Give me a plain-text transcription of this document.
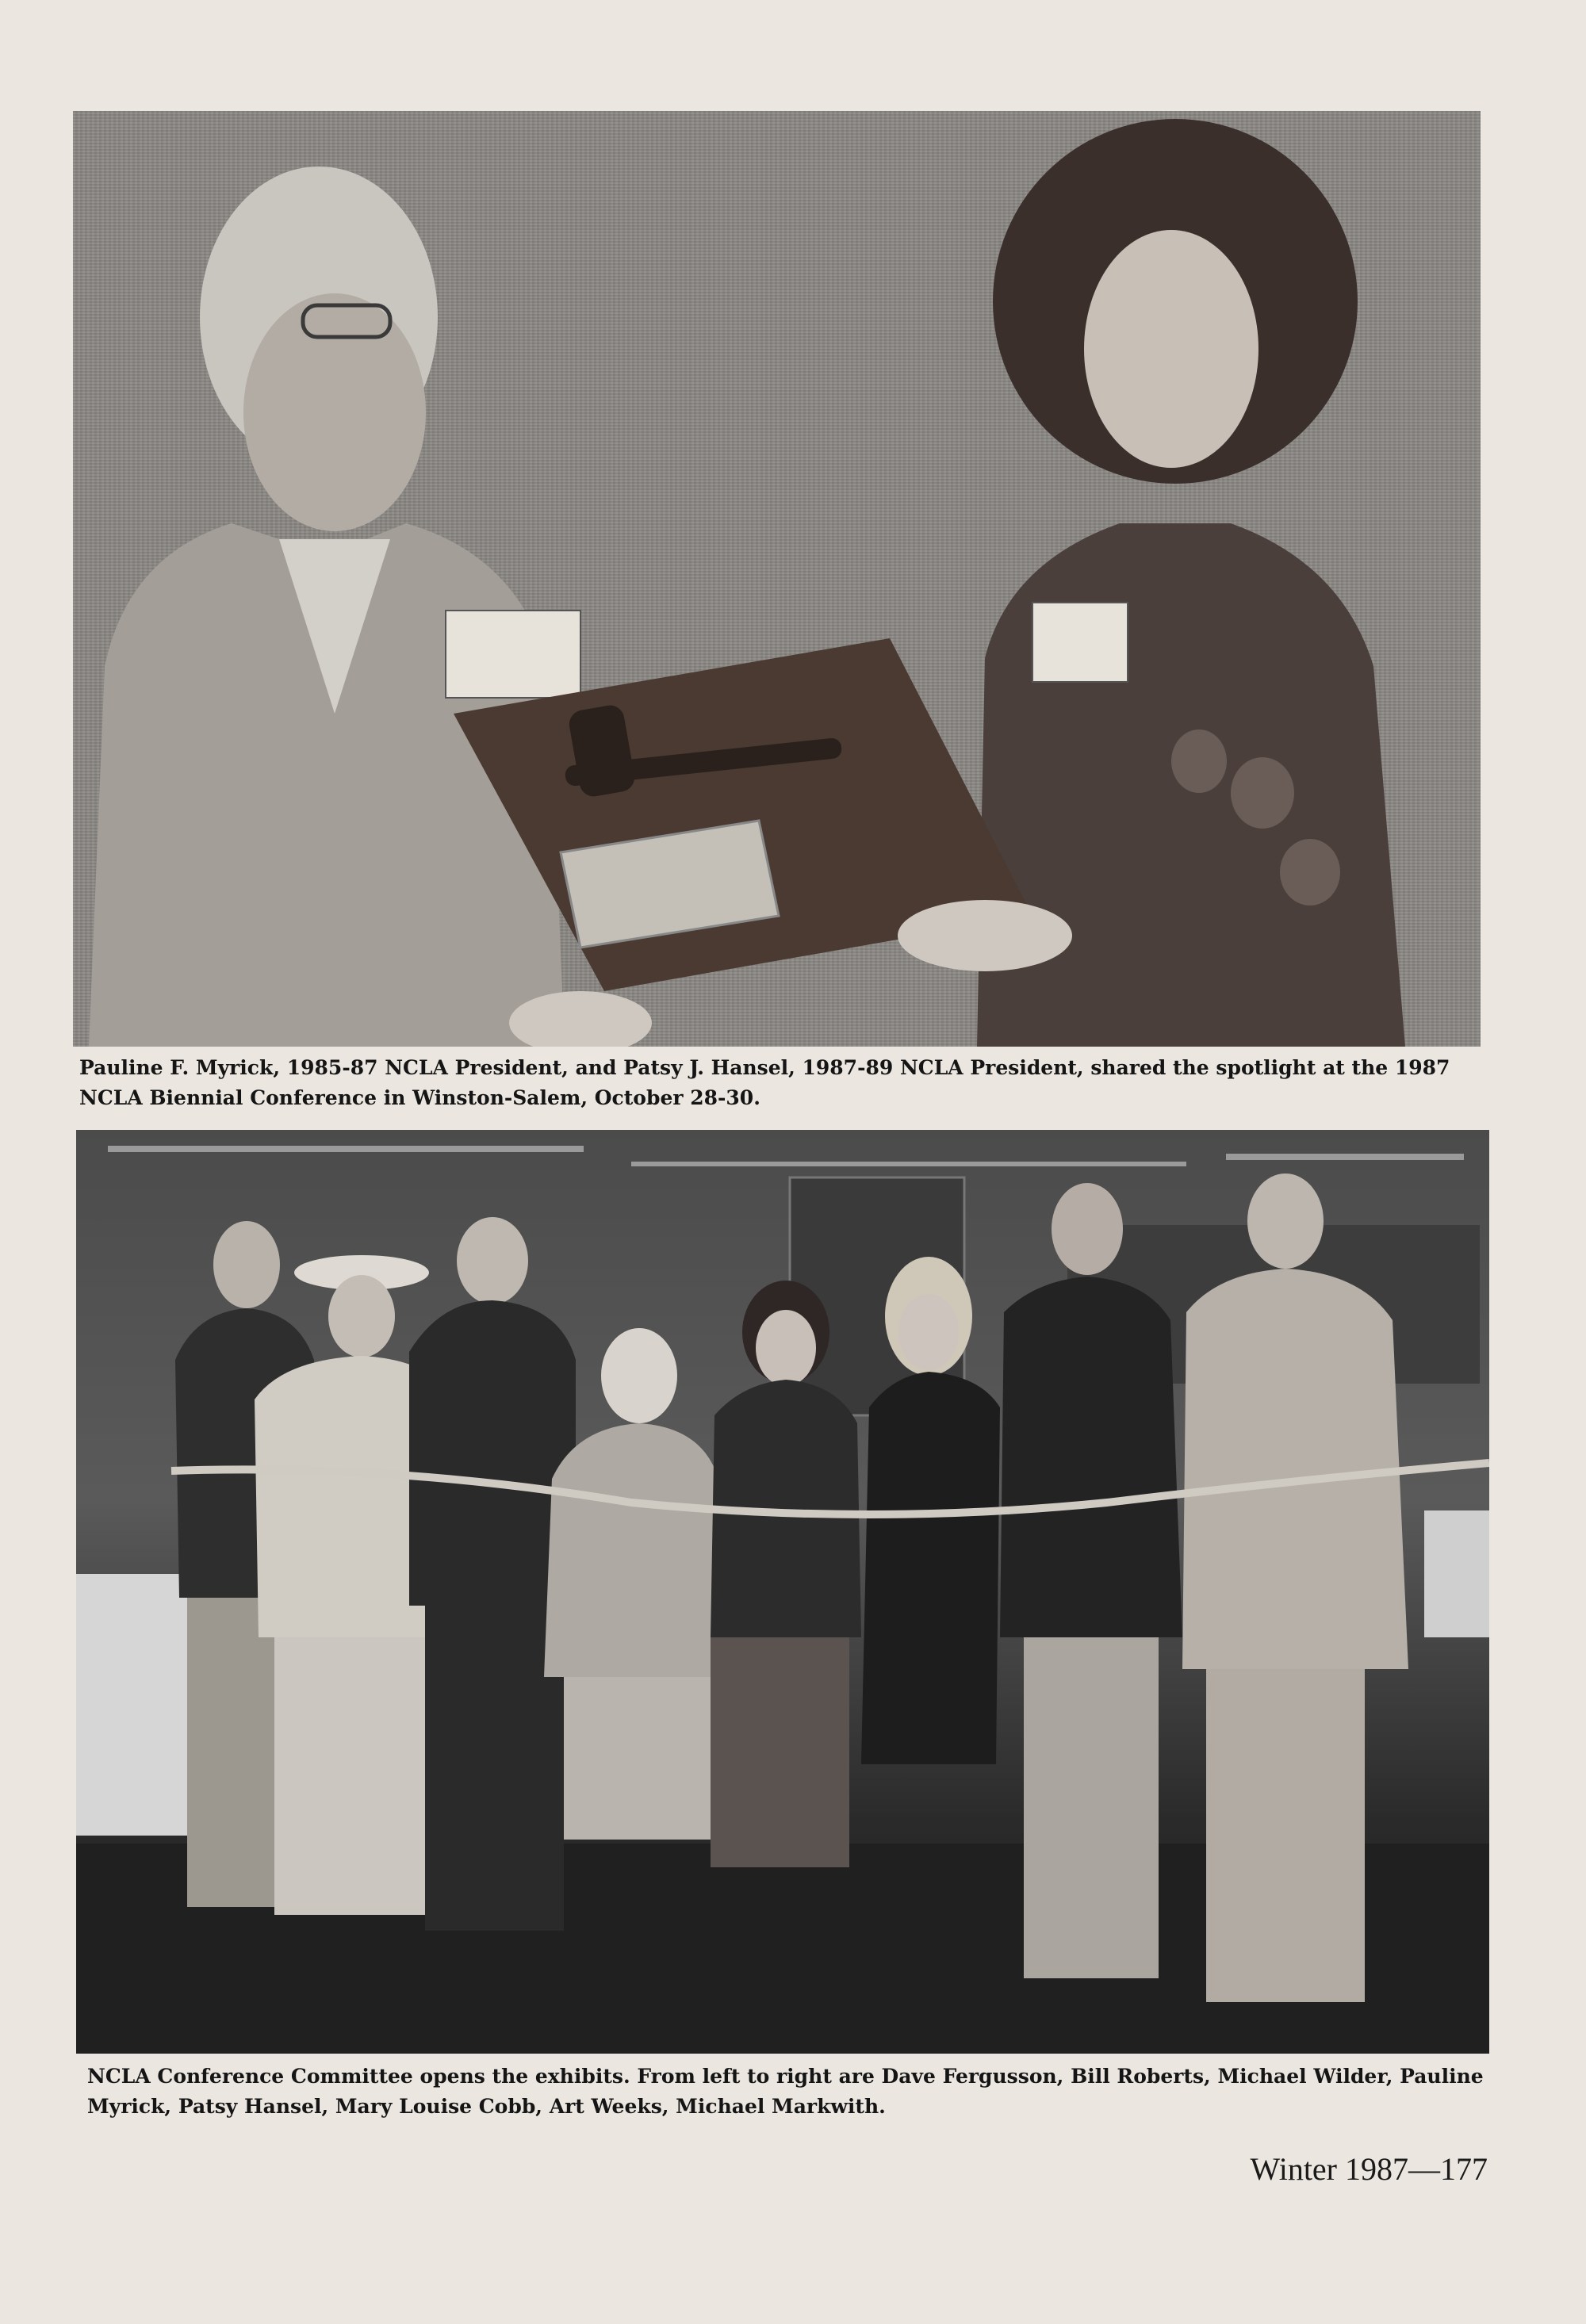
Pauline F. Myrick, 1985-87 NCLA President, and Patsy J. Hansel, 1987-89 NCLA President, shared the spotlight at the 1987 NCLA Biennial Conference in Winston-Salem, October 28-30.

NCLA Conference Committee opens the exhibits. From left to right are Dave Fergusson, Bill Roberts, Michael Wilder, Pauline Myrick, Patsy Hansel, Mary Louise Cobb, Art Weeks, Michael Markwith.

Winter 1987—177
